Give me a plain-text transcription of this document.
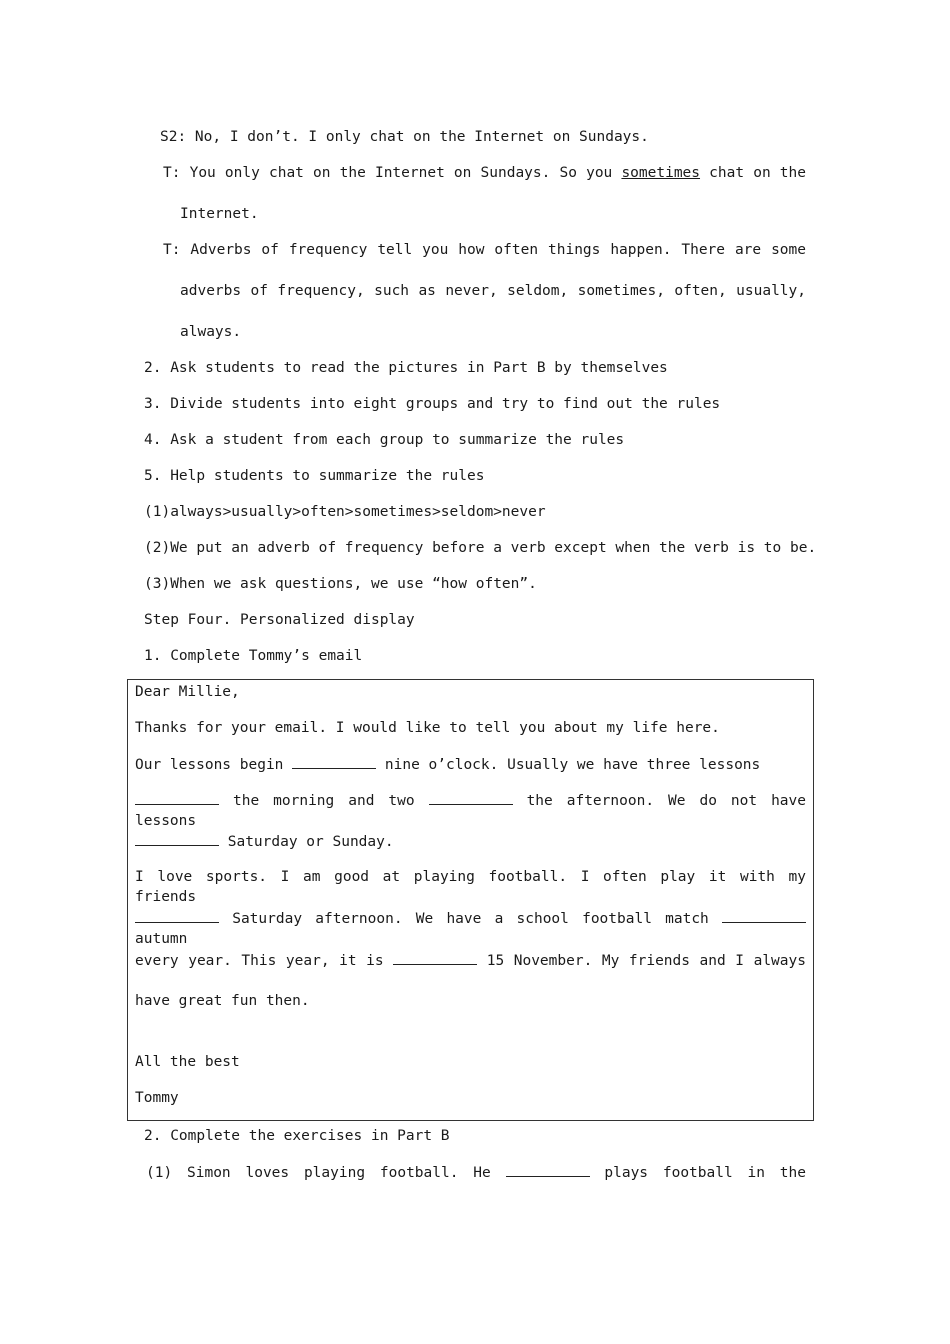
S2: No, I don’t. I only chat on the Internet on Sundays.
T: You only chat on the Internet on Sundays. So you sometimes chat on the
Internet.
T: Adverbs of frequency tell you how often things happen. There are some
adverbs of frequency, such as never, seldom, sometimes, often, usually,
always.
2. Ask students to read the pictures in Part B by themselves
3. Divide students into eight groups and try to find out the rules
4. Ask a student from each group to summarize the rules
5. Help students to summarize the rules
(1)always>usually>often>sometimes>seldom>never
(2)We put an adverb of frequency before a verb except when the verb is to be.
(3)When we ask questions, we use “how often”.
Step Four. Personalized display
1. Complete Tommy’s email
Dear Millie,
Thanks for your email. I would like to tell you about my life here.
Our lessons begin	nine o’clock. Usually we have three lessons
the morning and two	the afternoon. We do not have lessons
Saturday or Sunday.
I love sports. I am good at playing football. I often play it with my friends
Saturday afternoon. We have a school football match  autumn
every year. This year, it is	15 November. My friends and I always
have great fun then.
All the best
Tommy
2. Complete the exercises in Part B
(1) Simon loves playing football. He	plays football in the
